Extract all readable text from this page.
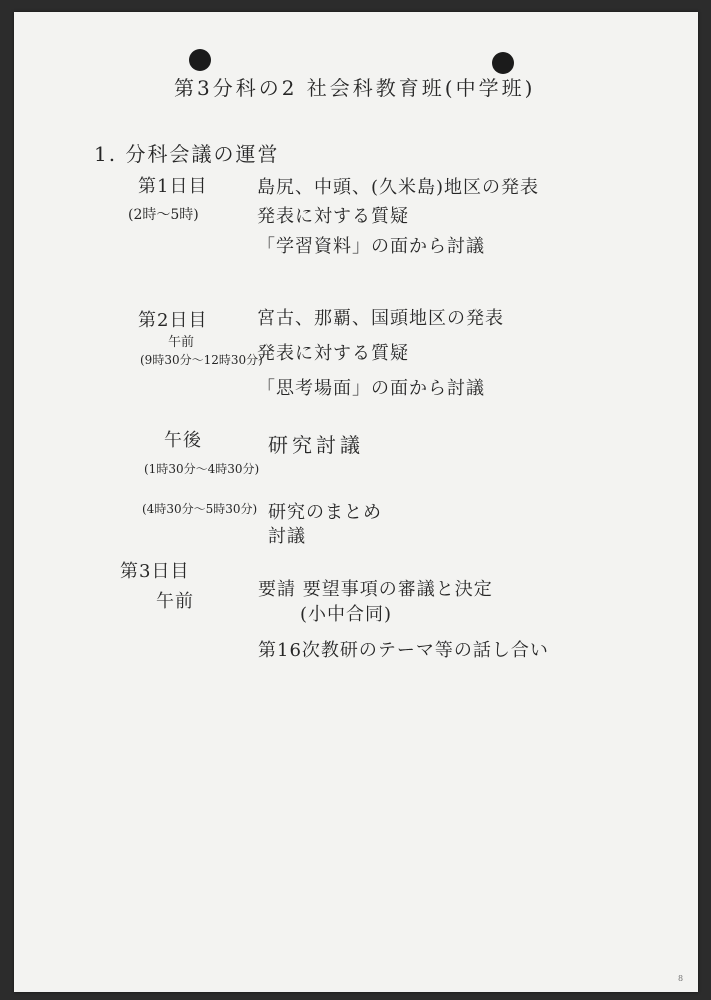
第3分科の2 社会科教育班(中学班)
1. 分科会議の運営
第1日目
(2時〜5時)
島尻、中頭、(久米島)地区の発表
発表に対する質疑
「学習資料」の面から討議
第2日目
午前
(9時30分〜12時30分)
宮古、那覇、国頭地区の発表
発表に対する質疑
「思考場面」の面から討議
午後	研究討議
(1時30分〜4時30分)
(4時30分〜5時30分) 研究のまとめ
討議
第3日目
午前
要請 要望事項の審議と決定
(小中合同)
第16次教研のテーマ等の話し合い
8
